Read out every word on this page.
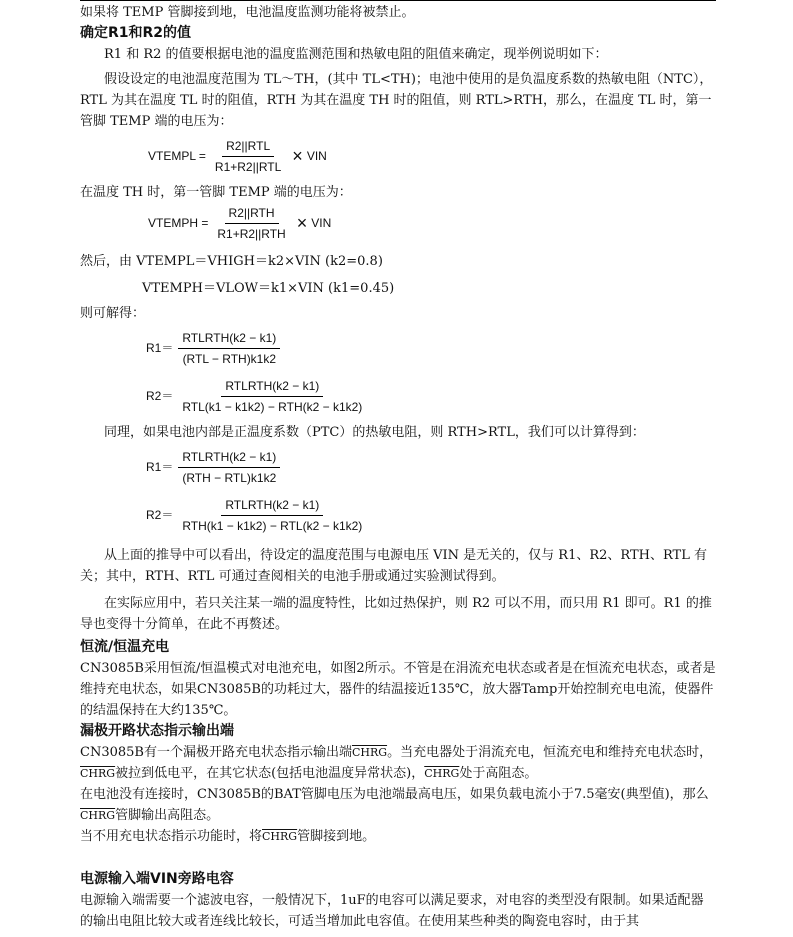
如果将 TEMP 管脚接到地，电池温度监测功能将被禁止。

确定R1和R2的值

R1 和 R2 的值要根据电池的温度监测范围和热敏电阻的阻值来确定，现举例说明如下：

假设设定的电池温度范围为 TL～TH，(其中 TL<TH)；电池中使用的是负温度系数的热敏电阻（NTC），RTL 为其在温度 TL 时的阻值，RTH 为其在温度 TH 时的阻值，则 RTL>RTH，那么，在温度 TL 时，第一管脚 TEMP 端的电压为：

VTEMPL = $\frac{\text{R2||RTL}}{\text{R1+R2||RTL}}$ × VIN

在温度 TH 时，第一管脚 TEMP 端的电压为：

VTEMPH = $\frac{\text{R2||RTH}}{\text{R1+R2||RTH}}$ × VIN

然后，由 VTEMPL＝VHIGH＝k2×VIN (k2=0.8)

VTEMPH＝VLOW＝k1×VIN (k1=0.45)

则可解得：

$R1= \frac{\text{RTLRTH(k2 − k1)}}{\text{(RTL − RTH)k1k2}}$
$R2= \frac{\text{RTLRTH(k2 − k1)}}{\text{RTL(k1 − k1k2) − RTH(k2 − k1k2)}}$

同理，如果电池内部是正温度系数（PTC）的热敏电阻，则 RTH>RTL，我们可以计算得到：

$R1= \frac{\text{RTLRTH(k2 − k1)}}{\text{(RTH − RTL)k1k2}}$
$R2= \frac{\text{RTLRTH(k2 − k1)}}{\text{RTH(k1 − k1k2) − RTL(k2 − k1k2)}}$

从上面的推导中可以看出，待设定的温度范围与电源电压 VIN 是无关的，仅与 R1、R2、RTH、RTL 有关；其中，RTH、RTL 可通过查阅相关的电池手册或通过实验测试得到。

在实际应用中，若只关注某一端的温度特性，比如过热保护，则 R2 可以不用，而只用 R1 即可。R1 的推导也变得十分简单，在此不再赘述。

恒流/恒温充电

CN3085B采用恒流/恒温模式对电池充电，如图2所示。不管是在涓流充电状态或者是在恒流充电状态，或者是维持充电状态，如果CN3085B的功耗过大，器件的结温接近135℃，放大器Tamp开始控制充电电流，使器件的结温保持在大约135℃。

漏极开路状态指示输出端

CN3085B有一个漏极开路充电状态指示输出端CHRG。当充电器处于涓流充电，恒流充电和维持充电状态时，CHRG被拉到低电平，在其它状态(包括电池温度异常状态)，CHRG处于高阻态。

在电池没有连接时，CN3085B的BAT管脚电压为电池端最高电压，如果负载电流小于7.5毫安(典型值)，那么CHRG管脚输出高阻态。

当不用充电状态指示功能时，将CHRG管脚接到地。

电源输入端VIN旁路电容

电源输入端需要一个滤波电容，一般情况下，1uF的电容可以满足要求，对电容的类型没有限制。如果适配器的输出电阻比较大或者连线比较长，可适当增加此电容值。在使用某些种类的陶瓷电容时，由于其
